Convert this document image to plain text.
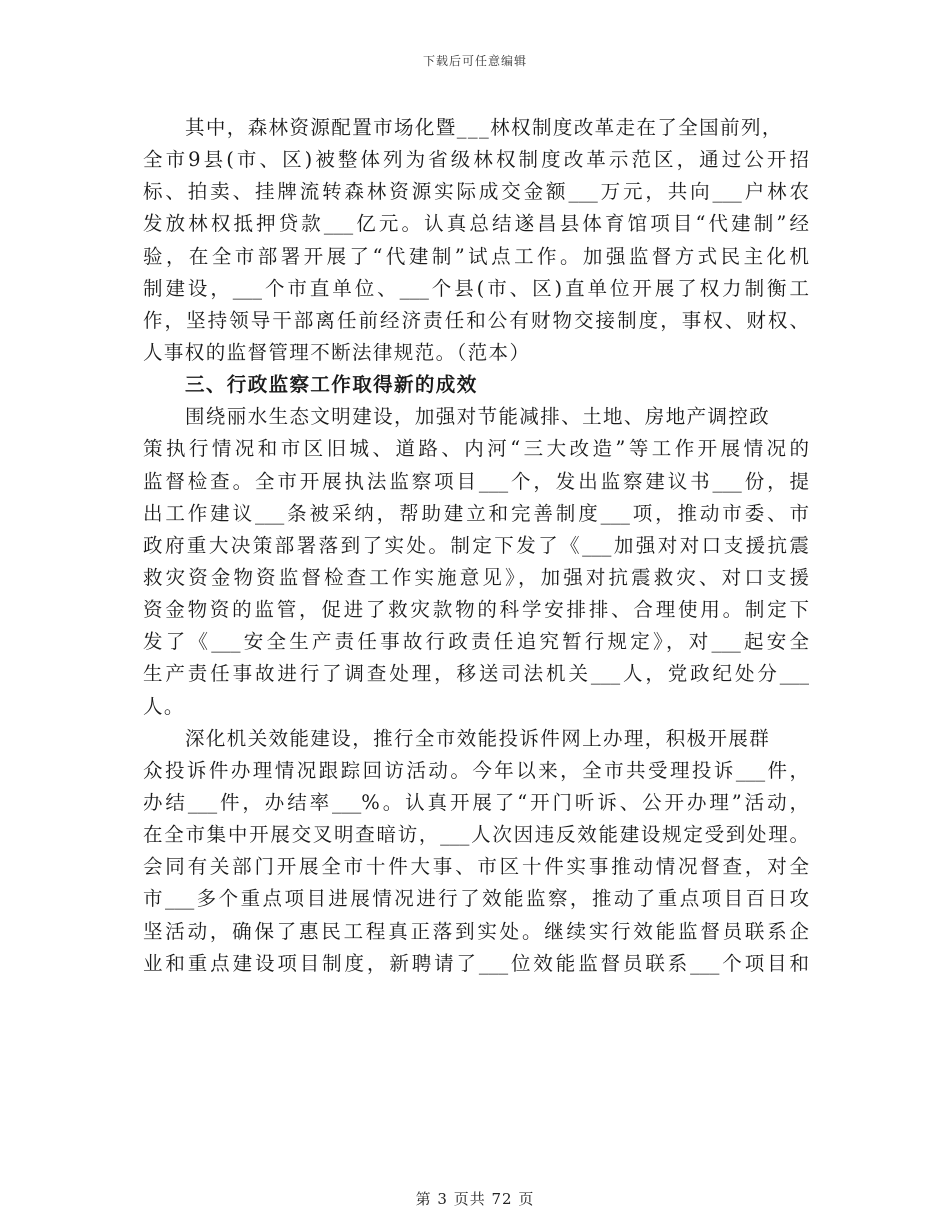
下载后可任意编辑
其中，森林资源配置市场化暨___林权制度改革走在了全国前列，
全市9县(市、区)被整体列为省级林权制度改革示范区，通过公开招
标、拍卖、挂牌流转森林资源实际成交金额___万元，共向___户林农
发放林权抵押贷款___亿元。认真总结遂昌县体育馆项目“代建制”经
验，在全市部署开展了“代建制”试点工作。加强监督方式民主化机
制建设，___个市直单位、___个县(市、区)直单位开展了权力制衡工
作，坚持领导干部离任前经济责任和公有财物交接制度，事权、财权、
人事权的监督管理不断法律规范。（范本）
三、行政监察工作取得新的成效
围绕丽水生态文明建设，加强对节能减排、土地、房地产调控政
策执行情况和市区旧城、道路、内河“三大改造”等工作开展情况的
监督检查。全市开展执法监察项目___个，发出监察建议书___份，提
出工作建议___条被采纳，帮助建立和完善制度___项，推动市委、市
政府重大决策部署落到了实处。制定下发了《___加强对对口支援抗震
救灾资金物资监督检查工作实施意见》，加强对抗震救灾、对口支援
资金物资的监管，促进了救灾款物的科学安排排、合理使用。制定下
发了《___安全生产责任事故行政责任追究暂行规定》，对___起安全
生产责任事故进行了调查处理，移送司法机关___人，党政纪处分___
人。
深化机关效能建设，推行全市效能投诉件网上办理，积极开展群
众投诉件办理情况跟踪回访活动。今年以来，全市共受理投诉___件，
办结___件，办结率___%。认真开展了“开门听诉、公开办理”活动，
在全市集中开展交叉明查暗访，___人次因违反效能建设规定受到处理。
会同有关部门开展全市十件大事、市区十件实事推动情况督查，对全
市___多个重点项目进展情况进行了效能监察，推动了重点项目百日攻
坚活动，确保了惠民工程真正落到实处。继续实行效能监督员联系企
业和重点建设项目制度，新聘请了___位效能监督员联系___个项目和
第 3 页共 72 页
